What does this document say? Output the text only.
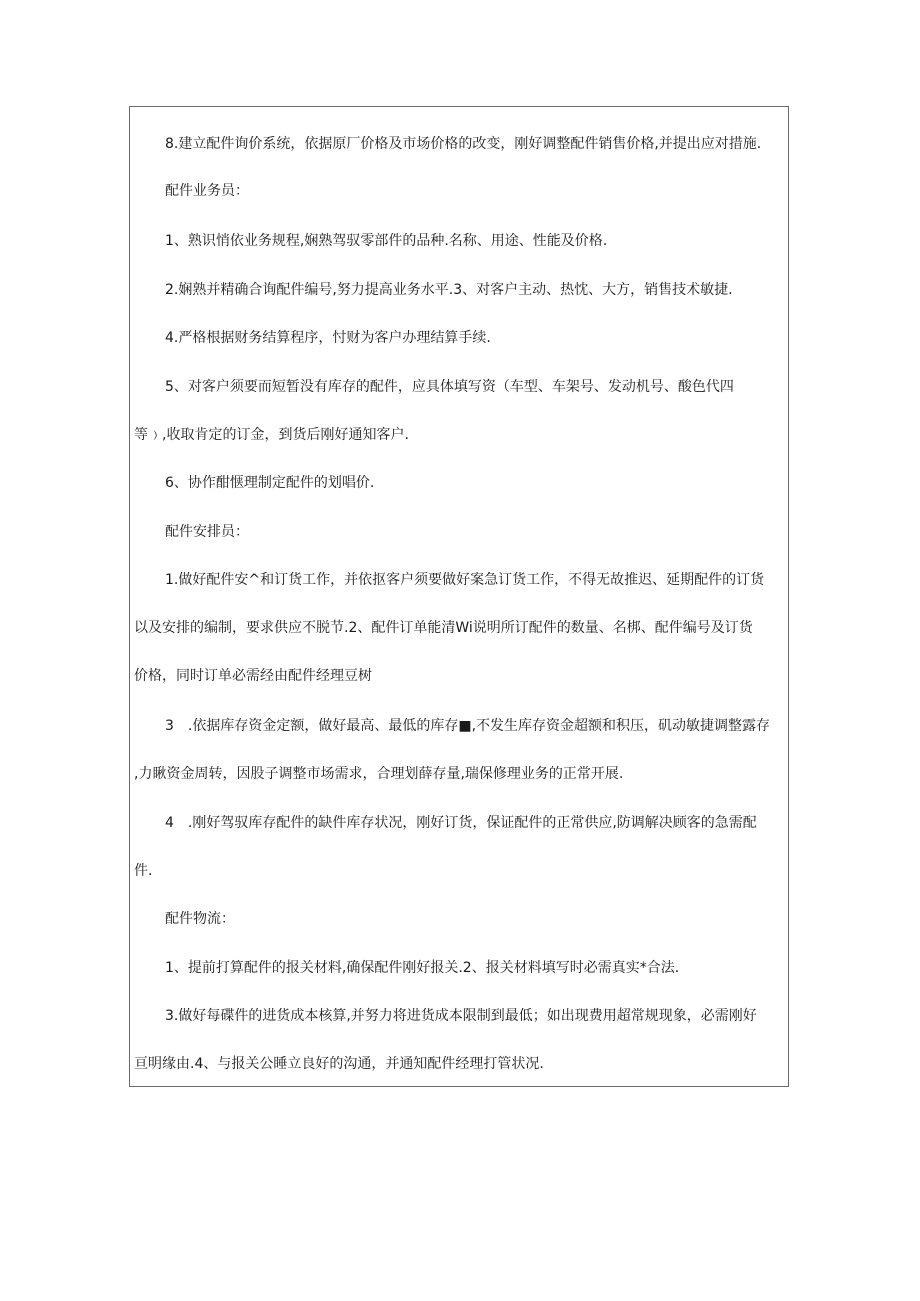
8.建立配件询价系统，依据原厂价格及市场价格的改变，刚好调整配件销售价格,并提出应对措施.
配件业务员：
1、熟识悄依业务规程,娴熟驾驭零部件的品种.名称、用途、性能及价格.
2.娴熟并精确合询配件编号,努力提高业务水平.3、对客户主动、热忱、大方，销售技术敏捷.
4.严格根据财务结算程序，忖财为客户办理结算手续.
5、对客户须要而短暂没有库存的配件，应具体填写资（车型、车架号、发动机号、酸色代四
等﹚,收取肯定的订金，到货后刚好通知客户.
6、协作酣惬理制定配件的划唱价.
配件安排员：
1.做好配件安^和订货工作，并依抠客户须要做好案急订货工作，不得无故推迟、延期配件的订货
以及安排的编制，要求供应不脱节.2、配件订单能清Wi说明所订配件的数量、名梆、配件编号及订货
价格，同时订单必需经由配件经理豆树
3　.依据库存资金定额，做好最高、最低的库存■,不发生库存资金超额和积压，矶动敏捷调整露存
,力瞅资金周转，因股子调整市场需求，合理划薛存量,瑞保修理业务的正常开展.
4　.刚好驾驭库存配件的缺件库存状况，刚好订货，保证配件的正常供应,防调解决顾客的急需配
件.
配件物流：
1、提前打算配件的报关材料,确保配件刚好报关.2、报关材料填写时必需真实*合法.
3.做好每碟件的进货成本核算,并努力将进货成本限制到最低；如出现费用超常规现象，必需刚好
亘明缘由.4、与报关公睡立良好的沟通，并通知配件经理打管状况.
